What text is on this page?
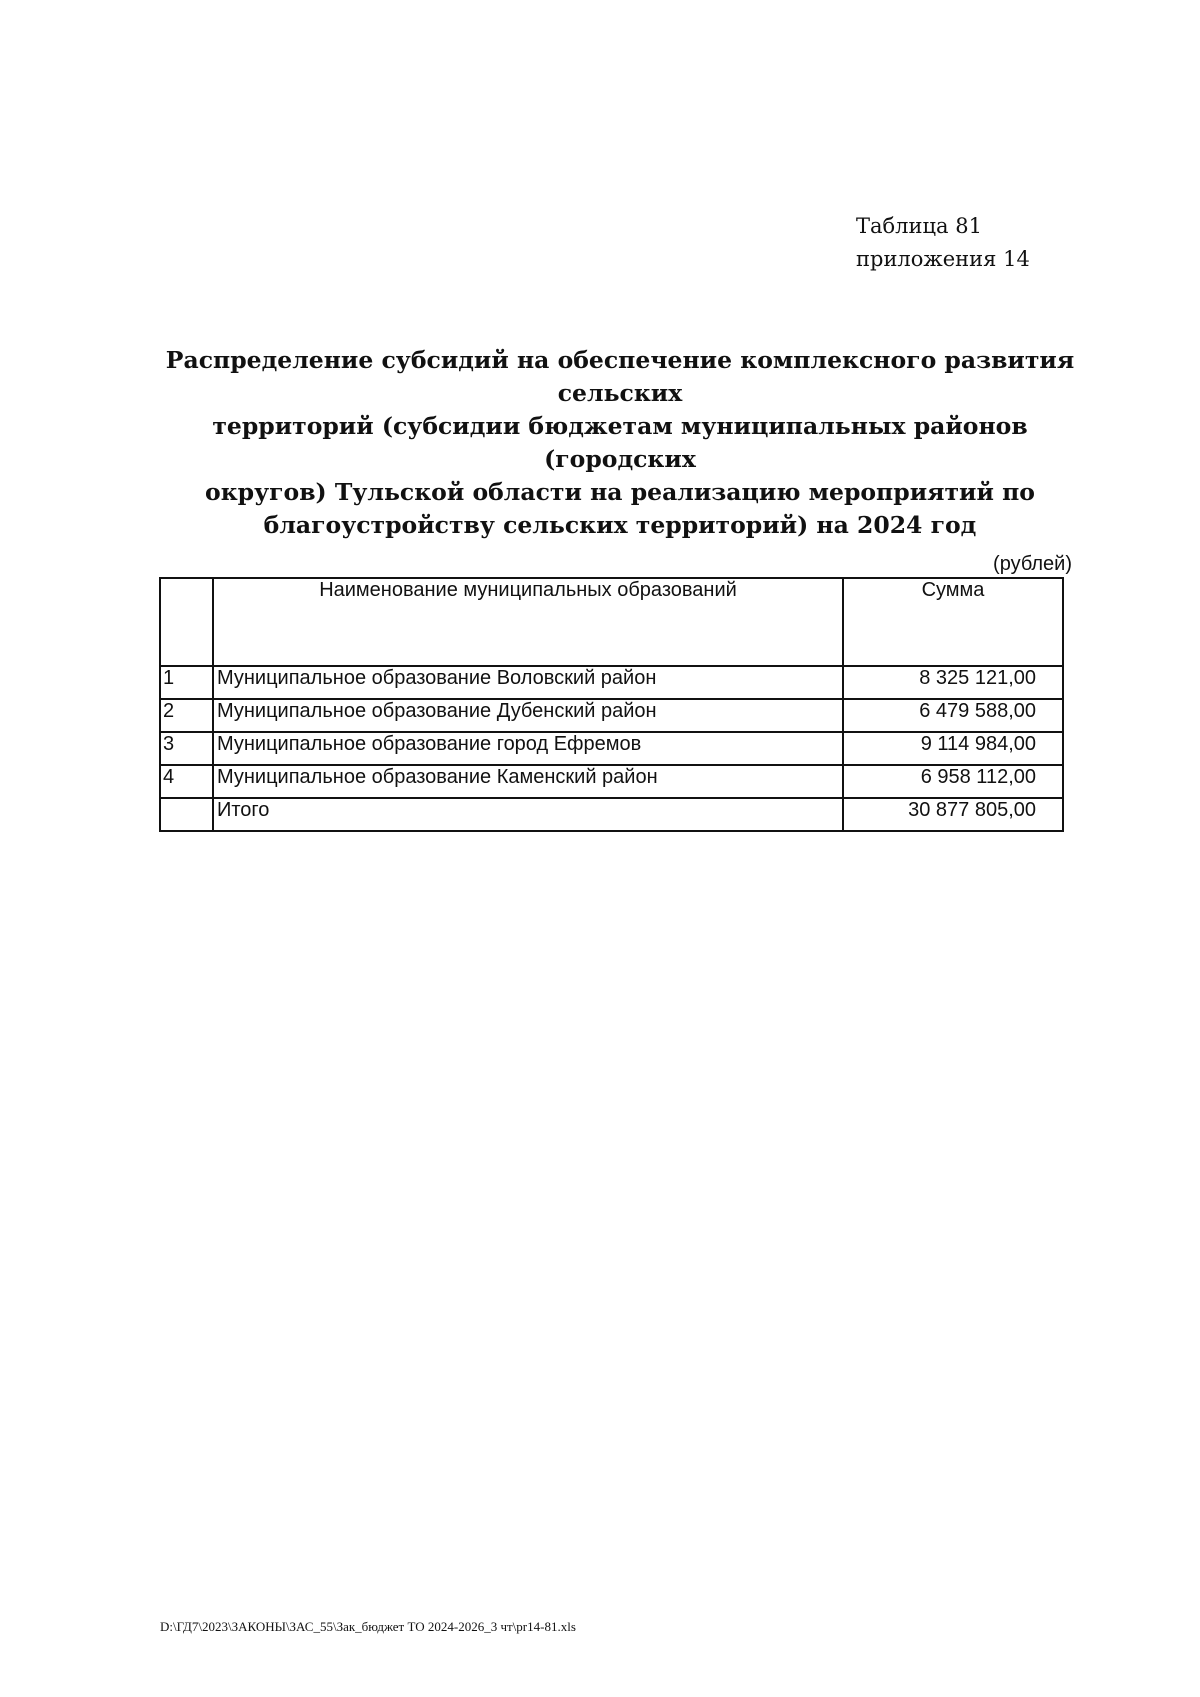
Таблица 81
приложения 14
Распределение субсидий на обеспечение комплексного развития сельских
территорий (субсидии бюджетам муниципальных районов (городских
округов) Тульской области на реализацию мероприятий по
благоустройству сельских территорий) на 2024 год
(рублей)
	Наименование муниципальных образований	Сумма
1	Муниципальное образование Воловский район	8 325 121,00
2	Муниципальное образование Дубенский район	6 479 588,00
3	Муниципальное образование город Ефремов	9 114 984,00
4	Муниципальное образование Каменский район	6 958 112,00
	Итого	30 877 805,00
D:\ГД7\2023\ЗАКОНЫ\ЗАС_55\Зак_бюджет ТО 2024-2026_3 чт\pr14-81.xls
